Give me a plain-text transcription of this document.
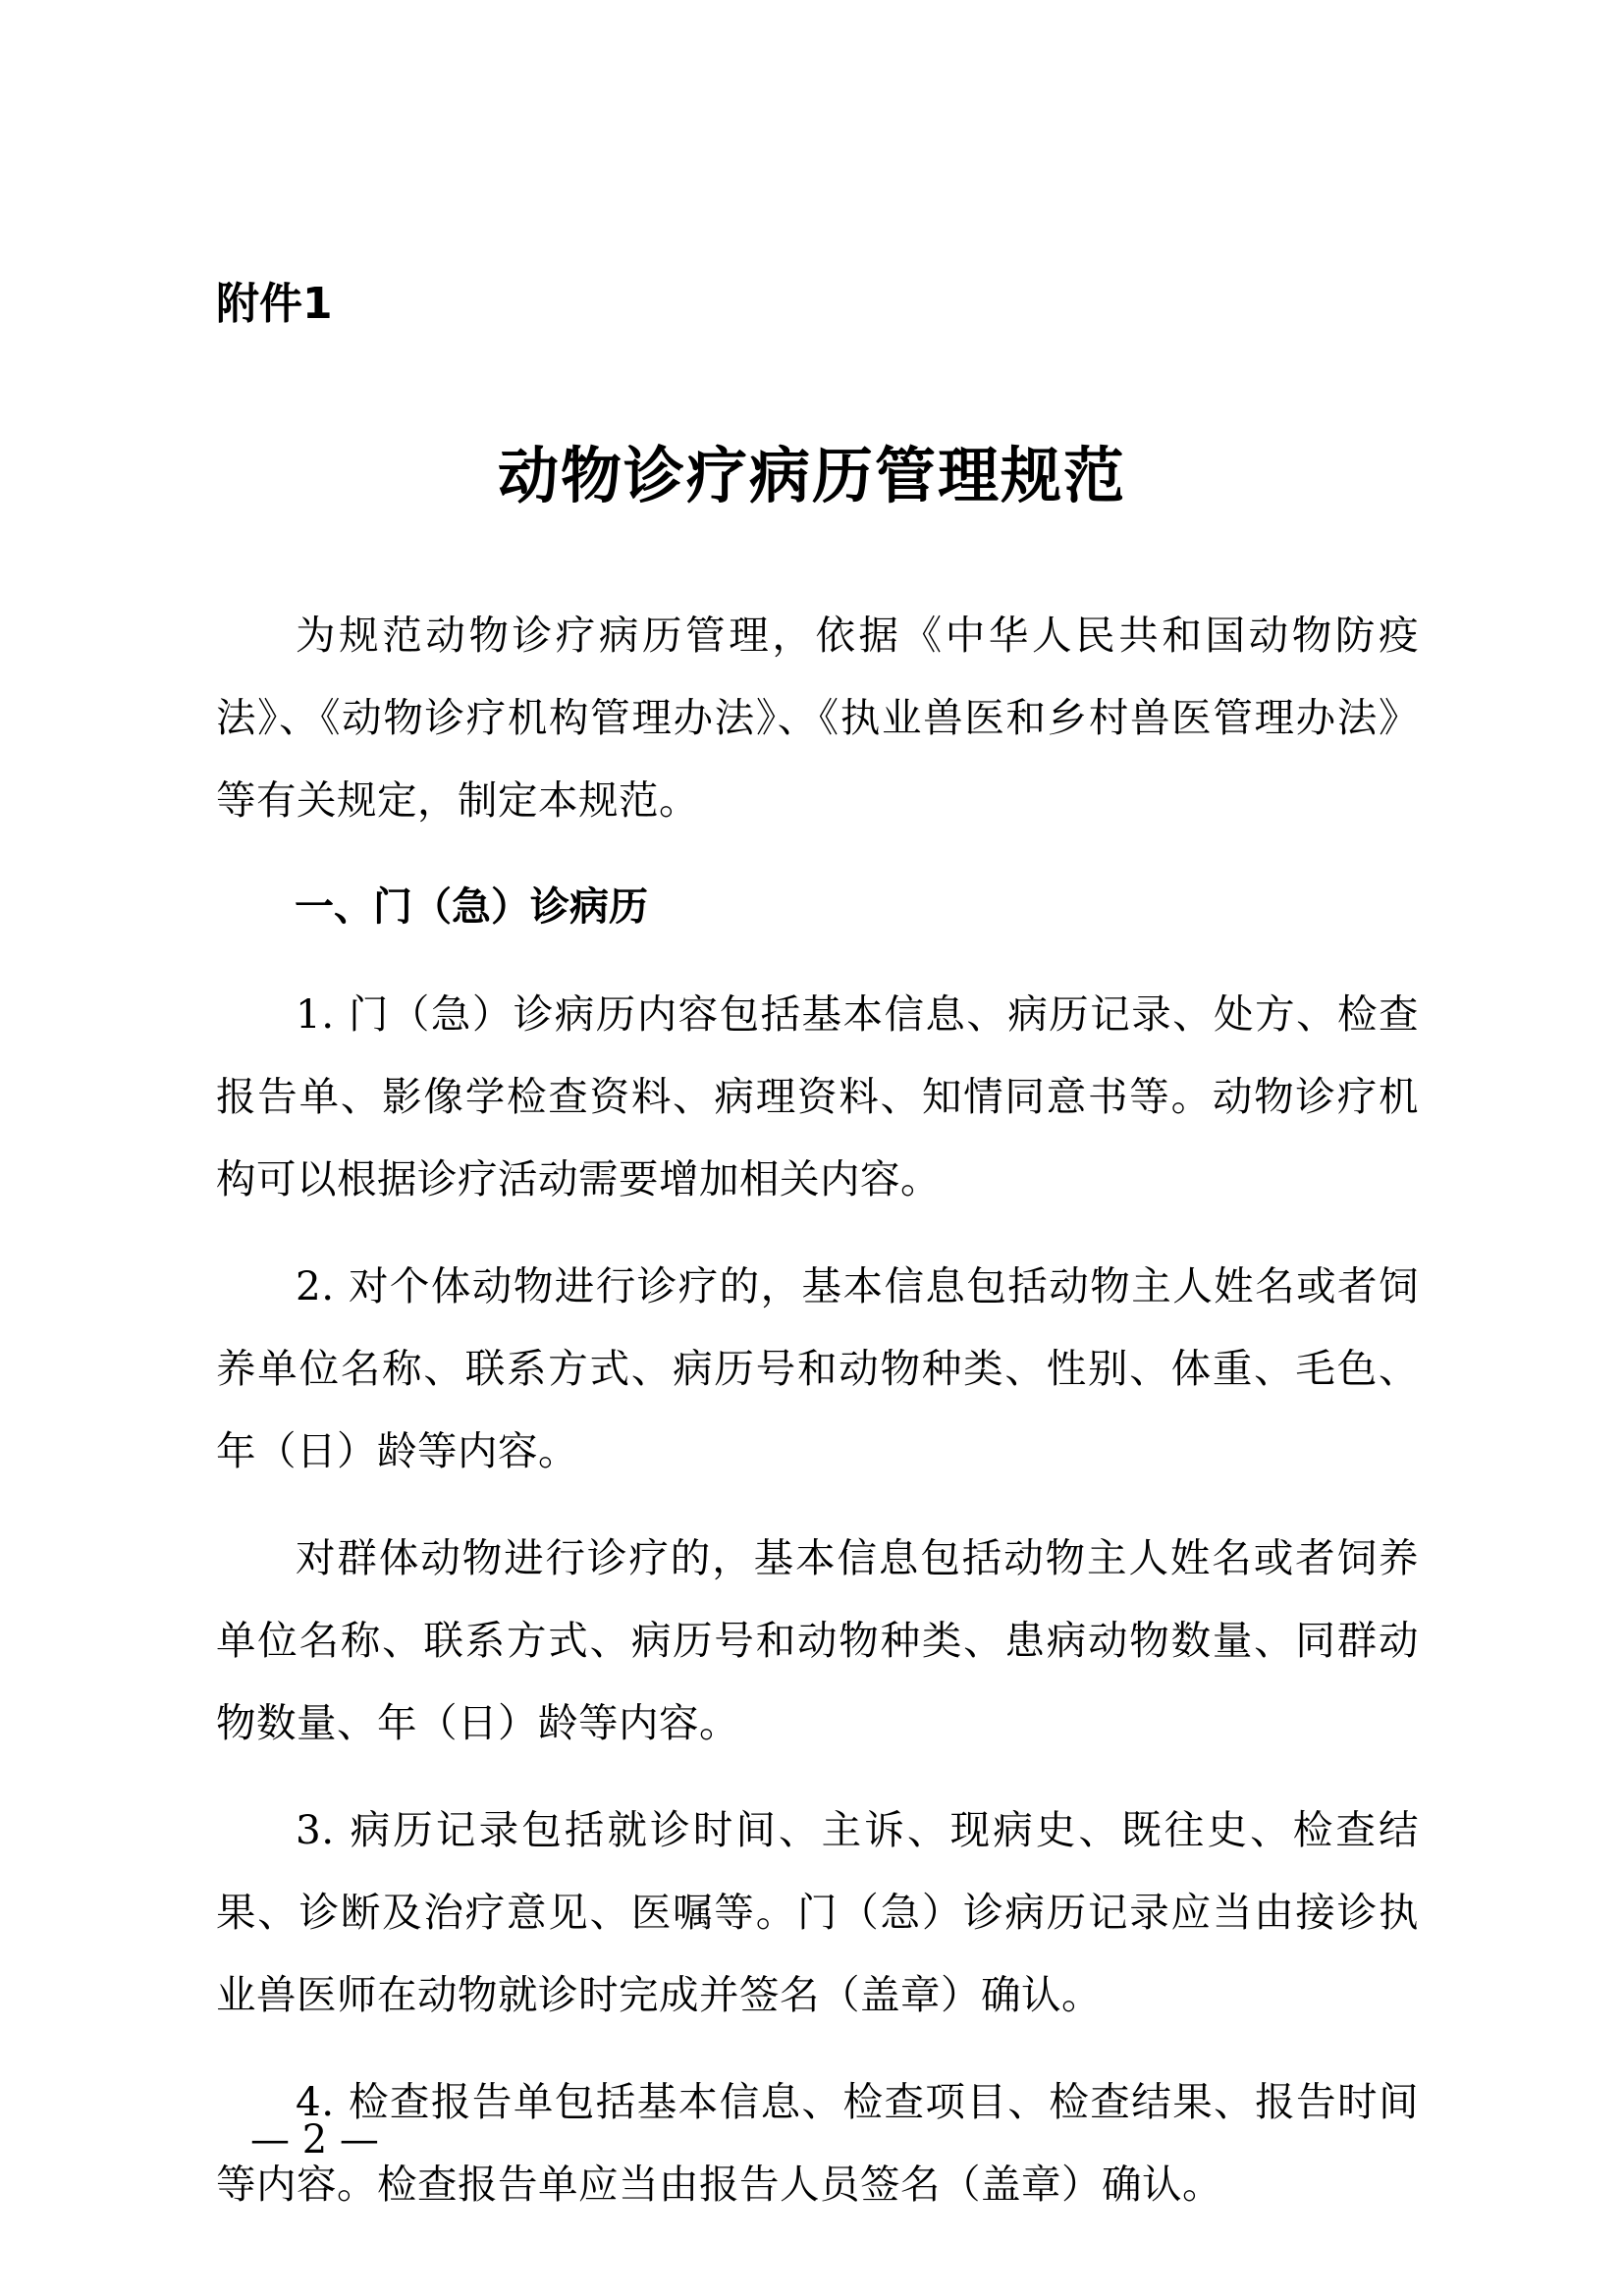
附件1
动物诊疗病历管理规范

为规范动物诊疗病历管理，依据《中华人民共和国动物防疫法》、《动物诊疗机构管理办法》、《执业兽医和乡村兽医管理办法》等有关规定，制定本规范。

一、门（急）诊病历

1. 门（急）诊病历内容包括基本信息、病历记录、处方、检查报告单、影像学检查资料、病理资料、知情同意书等。动物诊疗机构可以根据诊疗活动需要增加相关内容。

2. 对个体动物进行诊疗的，基本信息包括动物主人姓名或者饲养单位名称、联系方式、病历号和动物种类、性别、体重、毛色、年（日）龄等内容。

对群体动物进行诊疗的，基本信息包括动物主人姓名或者饲养单位名称、联系方式、病历号和动物种类、患病动物数量、同群动物数量、年（日）龄等内容。

3. 病历记录包括就诊时间、主诉、现病史、既往史、检查结果、诊断及治疗意见、医嘱等。门（急）诊病历记录应当由接诊执业兽医师在动物就诊时完成并签名（盖章）确认。

4. 检查报告单包括基本信息、检查项目、检查结果、报告时间等内容。检查报告单应当由报告人员签名（盖章）确认。

— 2 —
